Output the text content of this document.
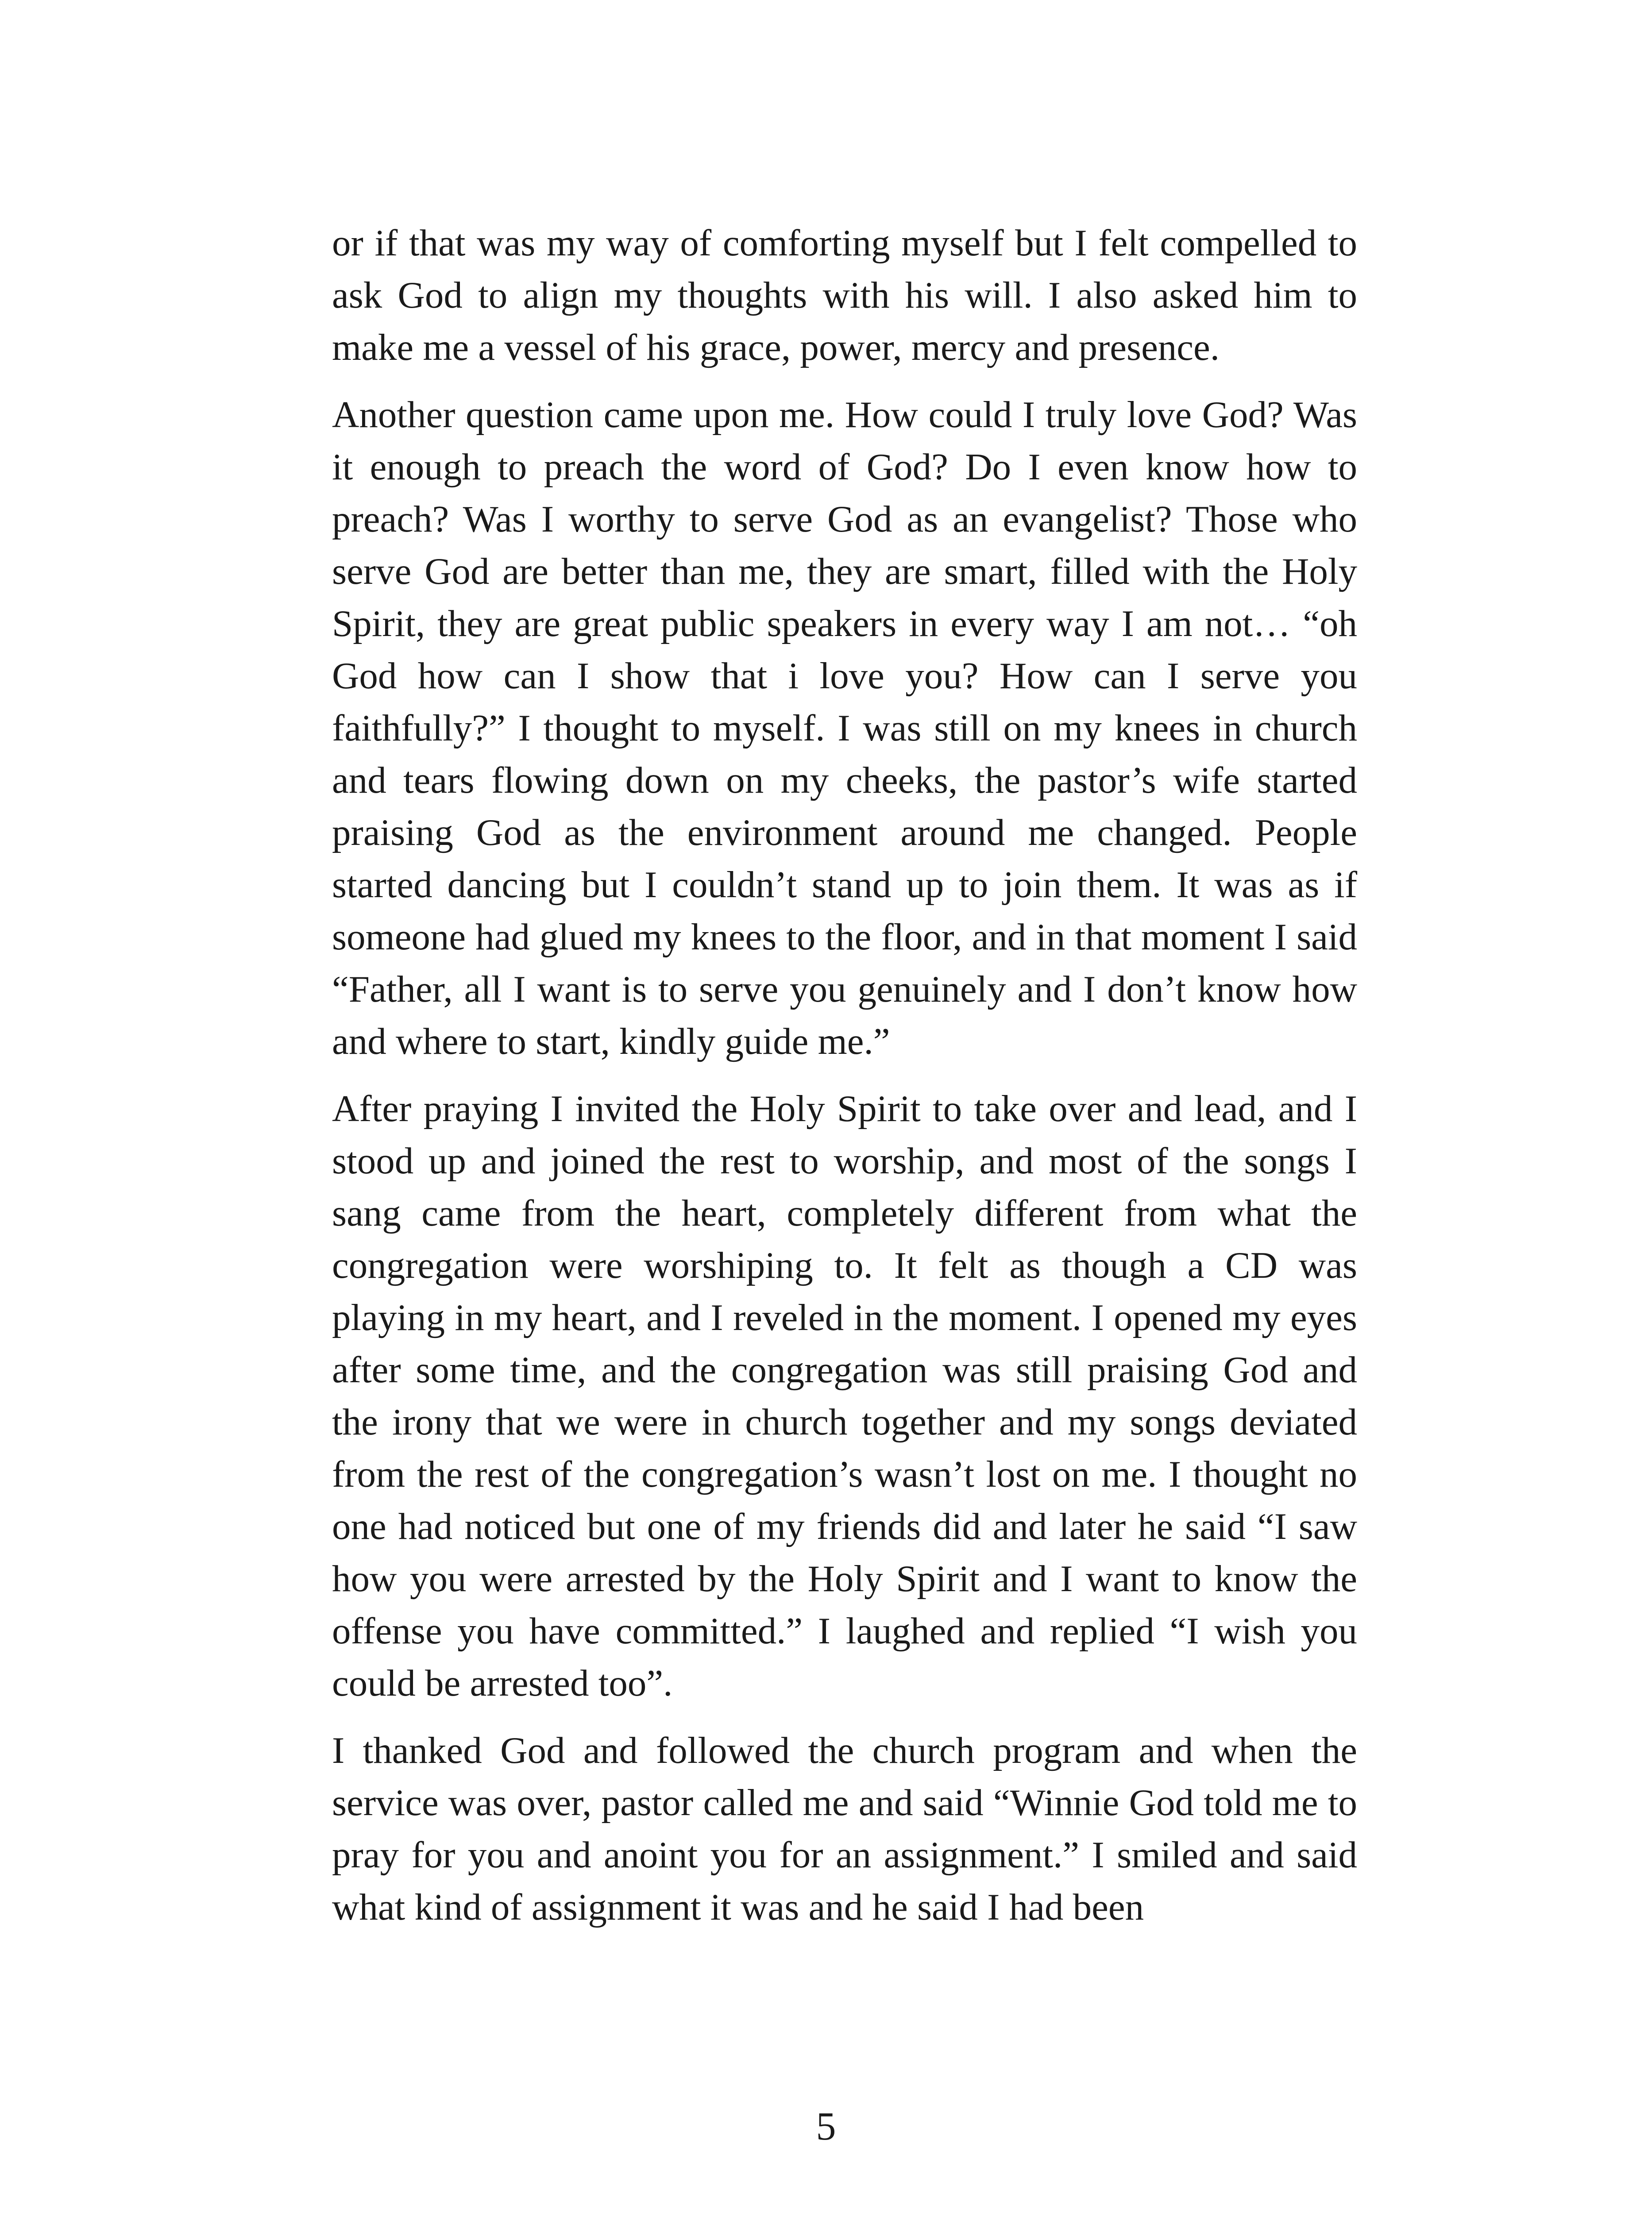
or if that was my way of comforting myself but I felt compelled to ask God to align my thoughts with his will. I also asked him to make me a vessel of his grace, power, mercy and presence.

Another question came upon me. How could I truly love God? Was it enough to preach the word of God? Do I even know how to preach? Was I worthy to serve God as an evangelist? Those who serve God are better than me, they are smart, filled with the Holy Spirit, they are great public speakers in every way I am not… “oh God how can I show that i love you? How can I serve you faithfully?” I thought to myself. I was still on my knees in church and tears flowing down on my cheeks, the pastor’s wife started praising God as the environment around me changed. People started dancing but I couldn’t stand up to join them. It was as if someone had glued my knees to the floor, and in that moment I said “Father, all I want is to serve you genuinely and I don’t know how and where to start, kindly guide me.”

After praying I invited the Holy Spirit to take over and lead, and I stood up and joined the rest to worship, and most of the songs I sang came from the heart, completely different from what the congregation were worshiping to. It felt as though a CD was playing in my heart, and I reveled in the moment. I opened my eyes after some time, and the congregation was still praising God and the irony that we were in church together and my songs deviated from the rest of the congregation’s wasn’t lost on me. I thought no one had noticed but one of my friends did and later he said “I saw how you were arrested by the Holy Spirit and I want to know the offense you have committed.” I laughed and replied “I wish you could be arrested too”.

I thanked God and followed the church program and when the service was over, pastor called me and said “Winnie God told me to pray for you and anoint you for an assignment.” I smiled and said what kind of assignment it was and he said I had been

5
